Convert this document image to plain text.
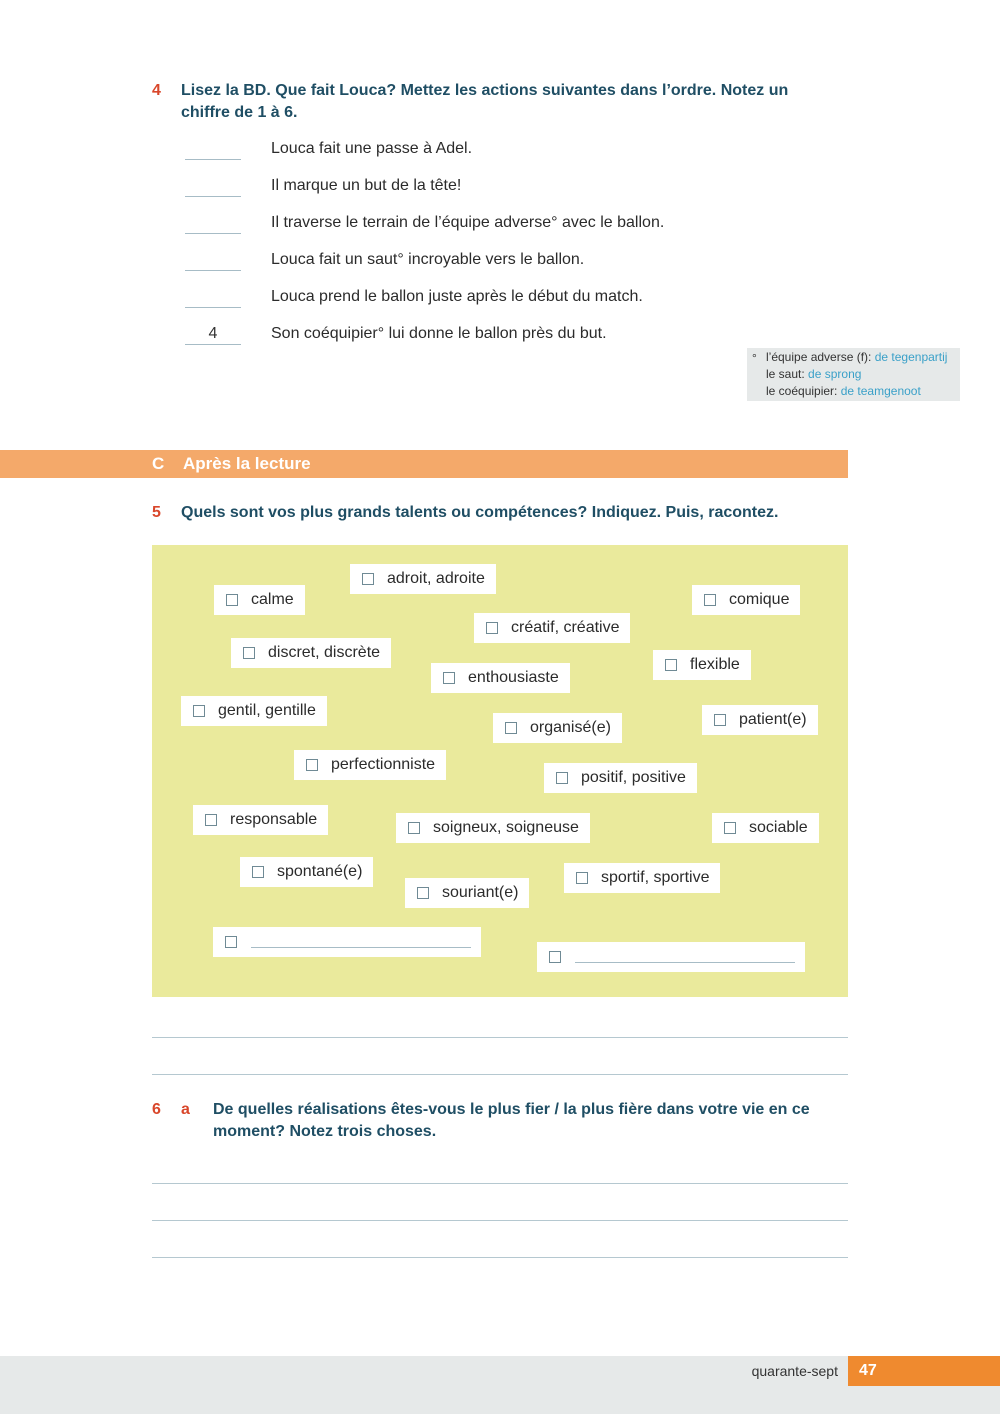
4 Lisez la BD. Que fait Louca? Mettez les actions suivantes dans l’ordre. Notez un chiffre de 1 à 6.
Louca fait une passe à Adel.
Il marque un but de la tête!
Il traverse le terrain de l’équipe adverse° avec le ballon.
Louca fait un saut° incroyable vers le ballon.
Louca prend le ballon juste après le début du match.
4	Son coéquipier° lui donne le ballon près du but.
° l’équipe adverse (f): de tegenpartij
le saut: de sprong
le coéquipier: de teamgenoot
C Après la lecture
5 Quels sont vos plus grands talents ou compétences? Indiquez. Puis, racontez.
adroit, adroite
calme	comique
créatif, créative
discret, discrète
flexible
enthousiaste
gentil, gentille
patient(e)
organisé(e)
perfectionniste
positif, positive
responsable	soigneux, soigneuse	sociable
spontané(e)	sportif, sportive
souriant(e)
6 a De quelles réalisations êtes-vous le plus fier / la plus fière dans votre vie en ce moment? Notez trois choses.
quarante-sept	47
